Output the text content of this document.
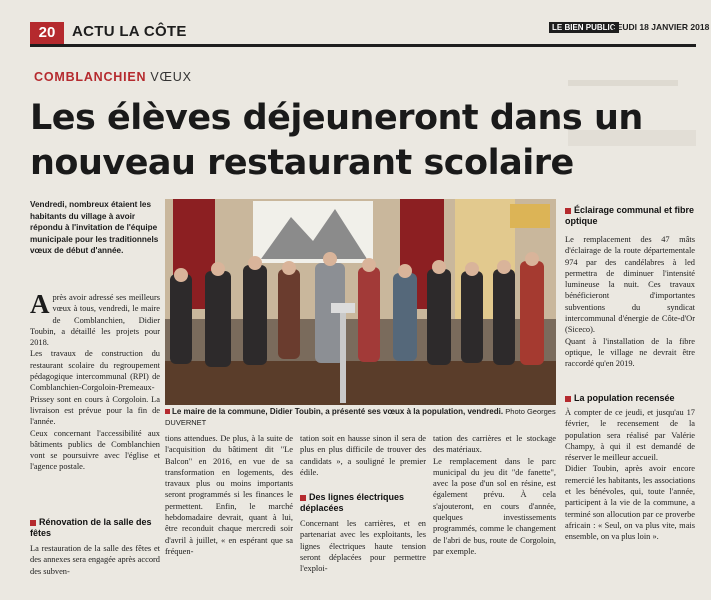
20	ACTU LA CÔTE	LE BIEN PUBLIC
JEUDI 18 JANVIER 2018
COMBLANCHIEN VŒUX
Les élèves déjeuneront dans un nouveau restaurant scolaire
Vendredi, nombreux étaient les habitants du village à avoir répondu à l'invitation de l'équipe municipale pour les traditionnels vœux de début d'année.
Après avoir adressé ses meilleurs vœux à tous, vendredi, le maire de Comblanchien, Didier Toubin, a détaillé les projets pour 2018.
Les travaux de construction du restaurant scolaire du regroupement pédagogique intercommunal (RPI) de Comblanchien-Corgoloin-Premeaux-Prissey sont en cours à Corgoloin. La livraison est prévue pour la fin de l'année.
Ceux concernant l'accessibilité aux bâtiments publics de Comblanchien vont se poursuivre avec l'église et l'agence postale.
Rénovation de la salle des fêtes
La restauration de la salle des fêtes et des annexes sera engagée après accord des subven-
Le maire de la commune, Didier Toubin, a présenté ses vœux à la population, vendredi. Photo Georges DUVERNET
tions attendues. De plus, à la suite de l'acquisition du bâtiment dit "Le Balcon" en 2016, en vue de sa transformation en logements, des travaux plus ou moins importants seront programmés si les finances le permettent. Enfin, le marché hebdomadaire devrait, quant à lui, être reconduit chaque mercredi soir d'avril à juillet, « en espérant que sa fréquen-
tation soit en hausse sinon il sera de plus en plus difficile de trouver des candidats », a souligné le premier édile.
Des lignes électriques déplacées
Concernant les carrières, et en partenariat avec les exploitants, les lignes électriques haute tension seront déplacées pour permettre l'exploi-
tation des carrières et le stockage des matériaux.
Le remplacement dans le parc municipal du jeu dit "de fanette", avec la pose d'un sol en résine, est également prévu. À cela s'ajouteront, en cours d'année, quelques investissements programmés, comme le changement de l'abri de bus, route de Corgoloin, par exemple.
Éclairage communal et fibre optique
Le remplacement des 47 mâts d'éclairage de la route départementale 974 par des candélabres à led permettra de diminuer l'intensité lumineuse la nuit. Ces travaux bénéficieront d'importantes subventions du syndicat intercommunal d'énergie de Côte-d'Or (Siceco).
Quant à l'installation de la fibre optique, le village ne devrait être raccordé qu'en 2019.
La population recensée
À compter de ce jeudi, et jusqu'au 17 février, le recensement de la population sera réalisé par Valérie Champy, à qui il est demandé de réserver le meilleur accueil.
Didier Toubin, après avoir encore remercié les habitants, les associations et les bénévoles, qui, toute l'année, participent à la vie de la commune, a terminé son allocution par ce proverbe africain : « Seul, on va plus vite, mais ensemble, on va plus loin ».
